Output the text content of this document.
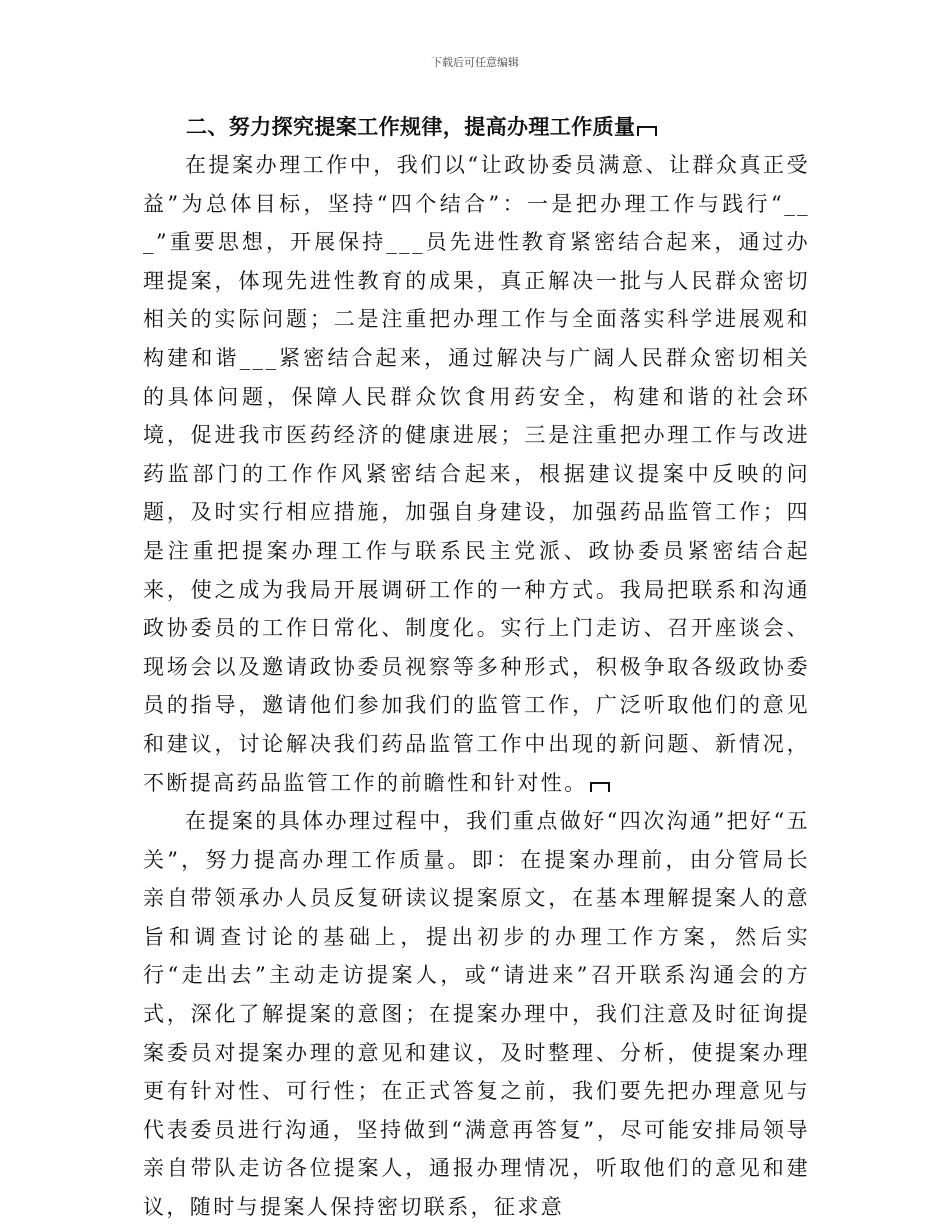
下载后可任意编辑

二、努力探究提案工作规律，提高办理工作质量

在提案办理工作中，我们以“让政协委员满意、让群众真正受益”为总体目标，坚持“四个结合”：一是把办理工作与践行“___”重要思想，开展保持___员先进性教育紧密结合起来，通过办理提案，体现先进性教育的成果，真正解决一批与人民群众密切相关的实际问题；二是注重把办理工作与全面落实科学进展观和构建和谐___紧密结合起来，通过解决与广阔人民群众密切相关的具体问题，保障人民群众饮食用药安全，构建和谐的社会环境，促进我市医药经济的健康进展；三是注重把办理工作与改进药监部门的工作作风紧密结合起来，根据建议提案中反映的问题，及时实行相应措施，加强自身建设，加强药品监管工作；四是注重把提案办理工作与联系民主党派、政协委员紧密结合起来，使之成为我局开展调研工作的一种方式。我局把联系和沟通政协委员的工作日常化、制度化。实行上门走访、召开座谈会、现场会以及邀请政协委员视察等多种形式，积极争取各级政协委员的指导，邀请他们参加我们的监管工作，广泛听取他们的意见和建议，讨论解决我们药品监管工作中出现的新问题、新情况，不断提高药品监管工作的前瞻性和针对性。

在提案的具体办理过程中，我们重点做好“四次沟通”把好“五关”，努力提高办理工作质量。即：在提案办理前，由分管局长亲自带领承办人员反复研读议提案原文，在基本理解提案人的意旨和调查讨论的基础上，提出初步的办理工作方案，然后实行“走出去”主动走访提案人，或“请进来”召开联系沟通会的方式，深化了解提案的意图；在提案办理中，我们注意及时征询提案委员对提案办理的意见和建议，及时整理、分析，使提案办理更有针对性、可行性；在正式答复之前，我们要先把办理意见与代表委员进行沟通，坚持做到“满意再答复”，尽可能安排局领导亲自带队走访各位提案人，通报办理情况，听取他们的意见和建议，随时与提案人保持密切联系，征求意
